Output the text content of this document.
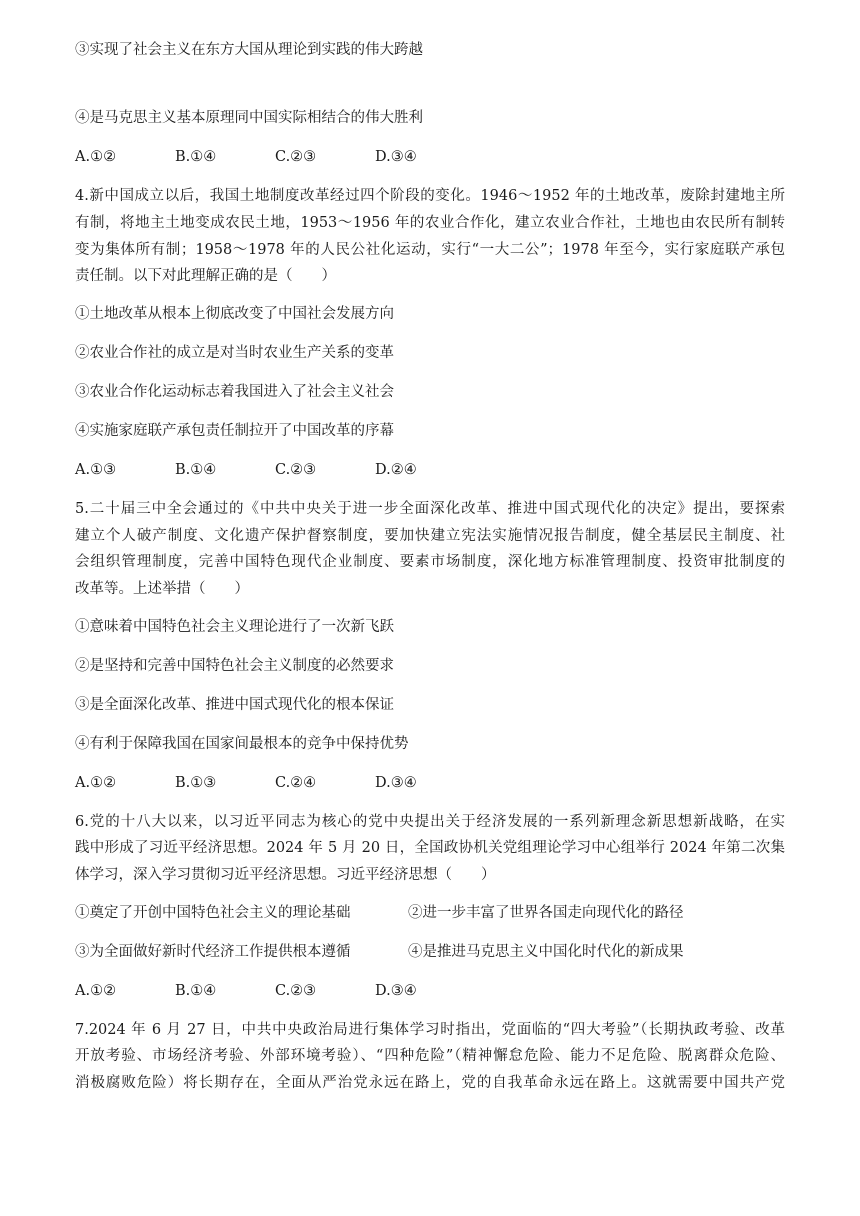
③实现了社会主义在东方大国从理论到实践的伟大跨越
④是马克思主义基本原理同中国实际相结合的伟大胜利
A.①②	B.①④	C.②③	D.③④
4.新中国成立以后，我国土地制度改革经过四个阶段的变化。1946～1952 年的土地改革，废除封建地主所
有制，将地主土地变成农民土地，1953～1956 年的农业合作化，建立农业合作社，土地也由农民所有制转
变为集体所有制；1958～1978 年的人民公社化运动，实行“一大二公”；1978 年至今，实行家庭联产承包
责任制。以下对此理解正确的是（　　）
①土地改革从根本上彻底改变了中国社会发展方向
②农业合作社的成立是对当时农业生产关系的变革
③农业合作化运动标志着我国进入了社会主义社会
④实施家庭联产承包责任制拉开了中国改革的序幕
A.①③	B.①④	C.②③	D.②④
5.二十届三中全会通过的《中共中央关于进一步全面深化改革、推进中国式现代化的决定》提出，要探索
建立个人破产制度、文化遗产保护督察制度，要加快建立宪法实施情况报告制度，健全基层民主制度、社
会组织管理制度，完善中国特色现代企业制度、要素市场制度，深化地方标准管理制度、投资审批制度的
改革等。上述举措（　　）
①意味着中国特色社会主义理论进行了一次新飞跃
②是坚持和完善中国特色社会主义制度的必然要求
③是全面深化改革、推进中国式现代化的根本保证
④有利于保障我国在国家间最根本的竞争中保持优势
A.①②	B.①③	C.②④	D.③④
6.党的十八大以来，以习近平同志为核心的党中央提出关于经济发展的一系列新理念新思想新战略，在实
践中形成了习近平经济思想。2024 年 5 月 20 日，全国政协机关党组理论学习中心组举行 2024 年第二次集
体学习，深入学习贯彻习近平经济思想。习近平经济思想（　　）
①奠定了开创中国特色社会主义的理论基础	②进一步丰富了世界各国走向现代化的路径
③为全面做好新时代经济工作提供根本遵循	④是推进马克思主义中国化时代化的新成果
A.①②	B.①④	C.②③	D.③④
7.2024 年 6 月 27 日，中共中央政治局进行集体学习时指出，党面临的“四大考验”（长期执政考验、改革
开放考验、市场经济考验、外部环境考验）、“四种危险”（精神懈怠危险、能力不足危险、脱离群众危险、
消极腐败危险）将长期存在，全面从严治党永远在路上，党的自我革命永远在路上。这就需要中国共产党
